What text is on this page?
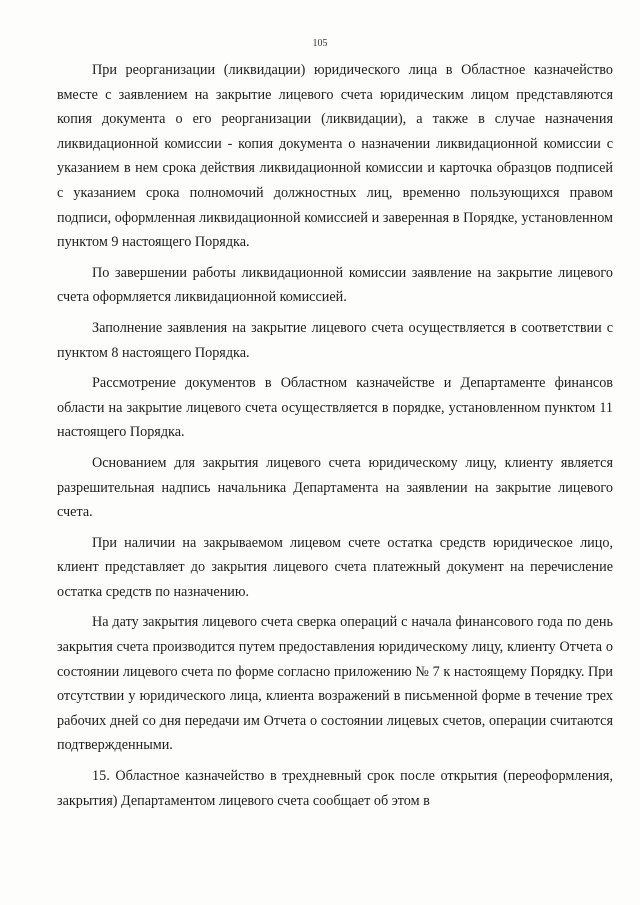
105

При реорганизации (ликвидации) юридического лица в Областное казначейство вместе с заявлением на закрытие лицевого счета юридическим лицом представляются копия документа о его реорганизации (ликвидации), а также в случае назначения ликвидационной комиссии - копия документа о назначении ликвидационной комиссии с указанием в нем срока действия ликвидационной комиссии и карточка образцов подписей с указанием срока полномочий должностных лиц, временно пользующихся правом подписи, оформленная ликвидационной комиссией и заверенная в Порядке, установленном пунктом 9 настоящего Порядка.

По завершении работы ликвидационной комиссии заявление на закрытие лицевого счета оформляется ликвидационной комиссией.

Заполнение заявления на закрытие лицевого счета осуществляется в соответствии с пунктом 8 настоящего Порядка.

Рассмотрение документов в Областном казначействе и Департаменте финансов области на закрытие лицевого счета осуществляется в порядке, установленном пунктом 11 настоящего Порядка.

Основанием для закрытия лицевого счета юридическому лицу, клиенту является разрешительная надпись начальника Департамента на заявлении на закрытие лицевого счета.

При наличии на закрываемом лицевом счете остатка средств юридическое лицо, клиент представляет до закрытия лицевого счета платежный документ на перечисление остатка средств по назначению.

На дату закрытия лицевого счета сверка операций с начала финансового года по день закрытия счета производится путем предоставления юридическому лицу, клиенту Отчета о состоянии лицевого счета по форме согласно приложению № 7 к настоящему Порядку. При отсутствии у юридического лица, клиента возражений в письменной форме в течение трех рабочих дней со дня передачи им Отчета о состоянии лицевых счетов, операции считаются подтвержденными.

15. Областное казначейство в трехдневный срок после открытия (переоформления, закрытия) Департаментом лицевого счета сообщает об этом в
